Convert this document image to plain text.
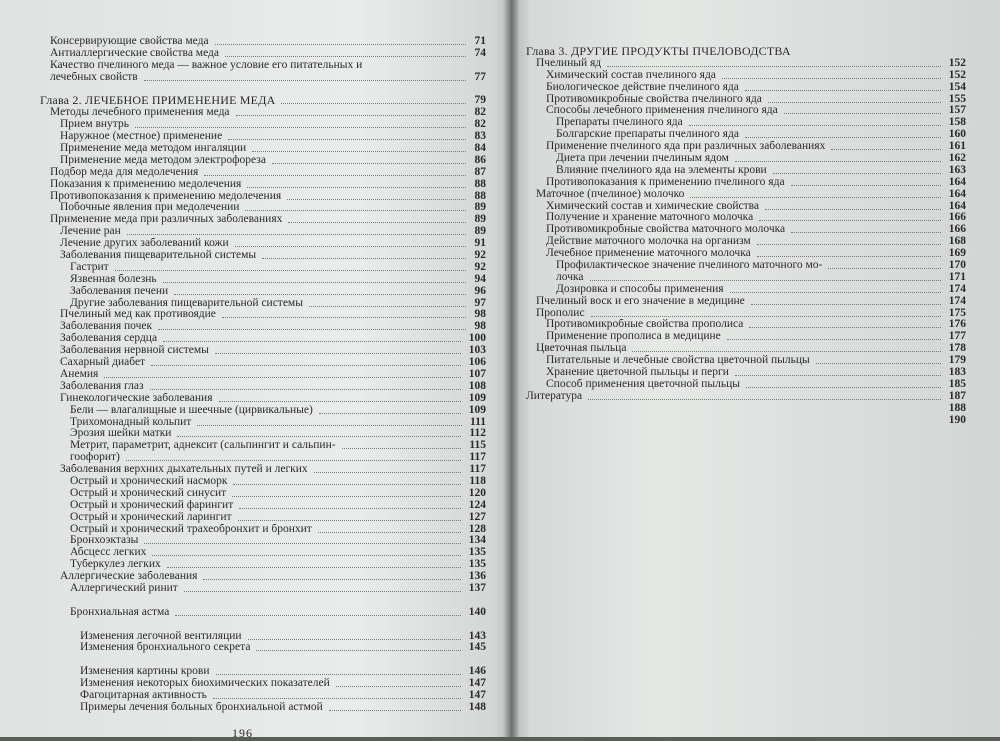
Консервирующие свойства меда	71
Антиаллергические свойства меда	74
Качество пчелиного меда — важное условие его питательных и
лечебных свойств	77
Глава 2. ЛЕЧЕБНОЕ ПРИМЕНЕНИЕ МЕДА	79
Методы лечебного применения меда	82
Прием внутрь	82
Наружное (местное) применение	83
Применение меда методом ингаляции	84
Применение меда методом электрофореза	86
Подбор меда для медолечения	87
Показания к применению медолечения	88
Противопоказания к применению медолечения	88
Побочные явления при медолечении	89
Применение меда при различных заболеваниях	89
Лечение ран	89
Лечение других заболеваний кожи	91
Заболевания пищеварительной системы	92
Гастрит	92
Язвенная болезнь	94
Заболевания печени	96
Другие заболевания пищеварительной системы	97
Пчелиный мед как противоядие	98
Заболевания почек	98
Заболевания сердца	100
Заболевания нервной системы	103
Сахарный диабет	106
Анемия	107
Заболевания глаз	108
Гинекологические заболевания	109
Бели — влагалищные и шеечные (цирвикальные)	109
Трихомонадный кольпит	111
Эрозия шейки матки	112
Метрит, параметрит, аднексит (сальпингит и сальпин-	115
гоофорит)	117
Заболевания верхних дыхательных путей и легких	117
Острый и хронический насморк	118
Острый и хронический синусит	120
Острый и хронический фарингит	124
Острый и хронический ларингит	127
Острый и хронический трахеобронхит и бронхит	128
Бронхоэктазы	134
Абсцесс легких	135
Туберкулез легких	135
Аллергические заболевания	136
Аллергический ринит	137
Бронхиальная астма	140
Изменения легочной вентиляции	143
Изменения бронхиального секрета	145
Изменения картины крови	146
Изменения некоторых биохимических показателей	147
Фагоцитарная активность	147
Примеры лечения больных бронхиальной астмой	148
Глава 3. ДРУГИЕ ПРОДУКТЫ ПЧЕЛОВОДСТВА
Пчелиный яд	152
Химический состав пчелиного яда	152
Биологическое действие пчелиного яда	154
Противомикробные свойства пчелиного яда	155
Способы лечебного применения пчелиного яда	157
Препараты пчелиного яда	158
Болгарские препараты пчелиного яда	160
Применение пчелиного яда при различных заболеваниях	161
Диета при лечении пчелиным ядом	162
Влияние пчелиного яда на элементы крови	163
Противопоказания к применению пчелиного яда	164
Маточное (пчелиное) молочко	164
Химический состав и химические свойства	164
Получение и хранение маточного молочка	166
Противомикробные свойства маточного молочка	166
Действие маточного молочка на организм	168
Лечебное применение маточного молочка	169
Профилактическое значение пчелиного маточного мо-	170
лочка	171
Дозировка и способы применения	174
Пчелиный воск и его значение в медицине	174
Прополис	175
Противомикробные свойства прополиса	176
Применение прополиса в медицине	177
Цветочная пыльца	178
Питательные и лечебные свойства цветочной пыльцы	179
Хранение цветочной пыльцы и перги	183
Способ применения цветочной пыльцы	185
Литература	187
188
190
196
